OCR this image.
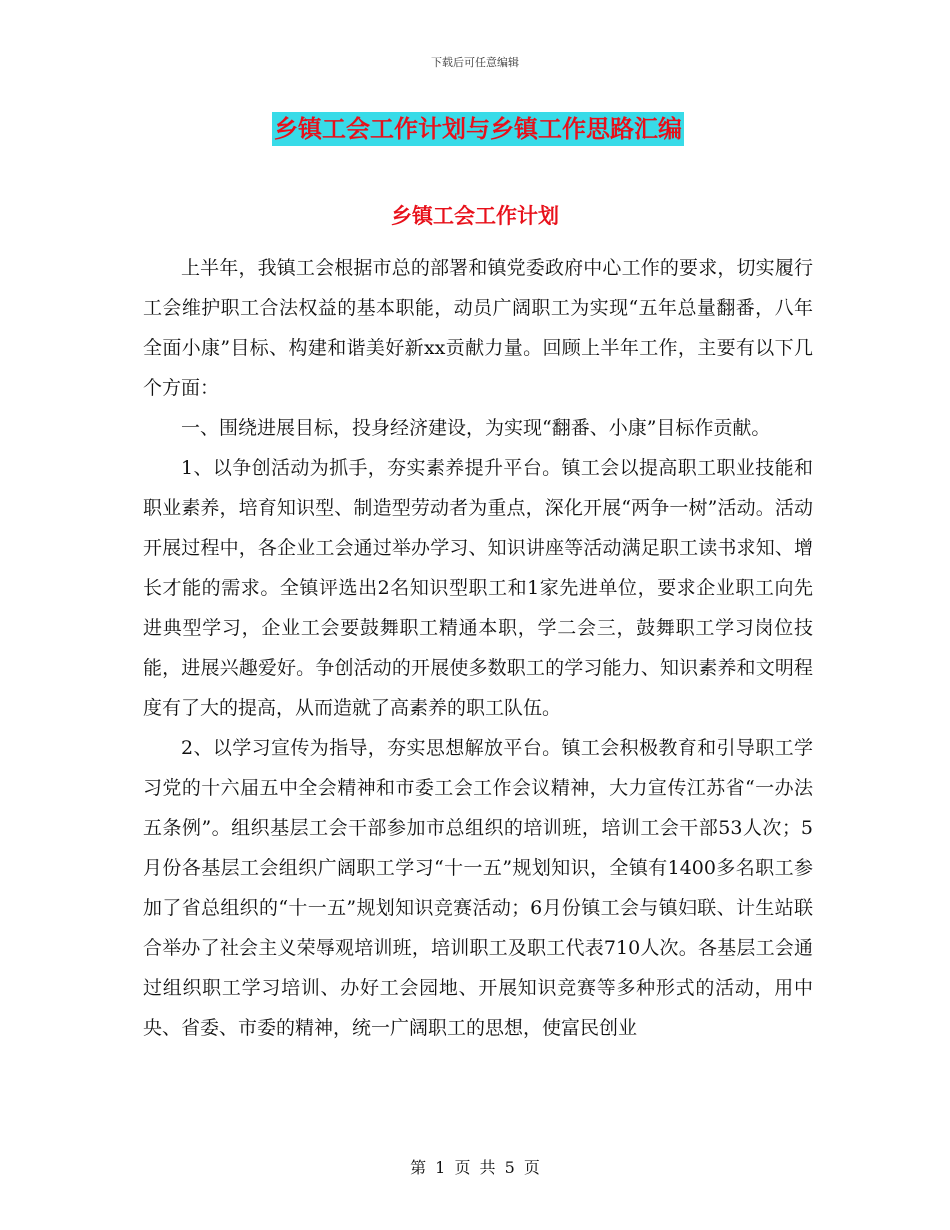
下载后可任意编辑
乡镇工会工作计划与乡镇工作思路汇编
乡镇工会工作计划

上半年，我镇工会根据市总的部署和镇党委政府中心工作的要求，切实履行工会维护职工合法权益的基本职能，动员广阔职工为实现“五年总量翻番，八年全面小康”目标、构建和谐美好新xx贡献力量。回顾上半年工作，主要有以下几个方面：

一、围绕进展目标，投身经济建设，为实现“翻番、小康”目标作贡献。

1、以争创活动为抓手，夯实素养提升平台。镇工会以提高职工职业技能和职业素养，培育知识型、制造型劳动者为重点，深化开展“两争一树”活动。活动开展过程中，各企业工会通过举办学习、知识讲座等活动满足职工读书求知、增长才能的需求。全镇评选出2名知识型职工和1家先进单位，要求企业职工向先进典型学习，企业工会要鼓舞职工精通本职，学二会三，鼓舞职工学习岗位技能，进展兴趣爱好。争创活动的开展使多数职工的学习能力、知识素养和文明程度有了大的提高，从而造就了高素养的职工队伍。

2、以学习宣传为指导，夯实思想解放平台。镇工会积极教育和引导职工学习党的十六届五中全会精神和市委工会工作会议精神，大力宣传江苏省“一办法五条例”。组织基层工会干部参加市总组织的培训班，培训工会干部53人次；5月份各基层工会组织广阔职工学习“十一五”规划知识，全镇有1400多名职工参加了省总组织的“十一五”规划知识竞赛活动；6月份镇工会与镇妇联、计生站联合举办了社会主义荣辱观培训班，培训职工及职工代表710人次。各基层工会通过组织职工学习培训、办好工会园地、开展知识竞赛等多种形式的活动，用中央、省委、市委的精神，统一广阔职工的思想，使富民创业

第 1 页 共 5 页
